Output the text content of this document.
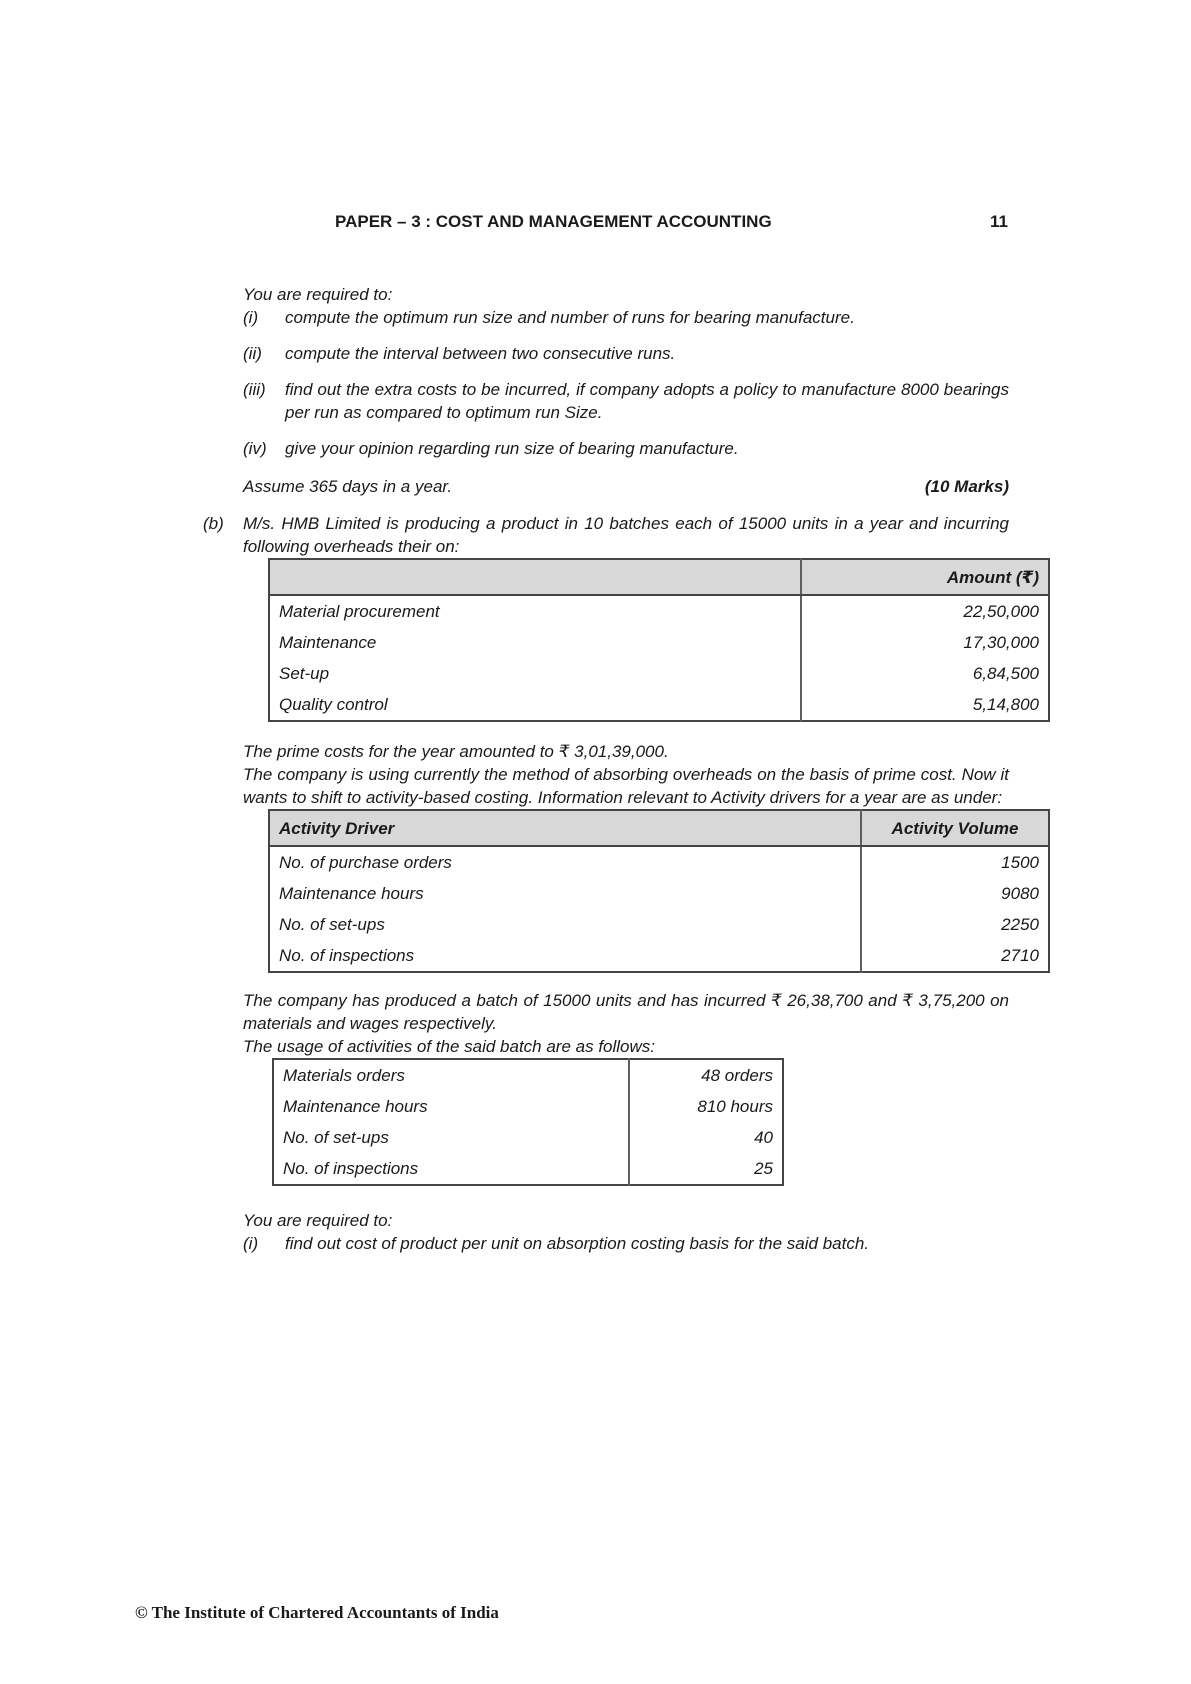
PAPER – 3 : COST AND MANAGEMENT ACCOUNTING	11

You are required to:

(i)	compute the optimum run size and number of runs for bearing manufacture.
(ii)	compute the interval between two consecutive runs.
(iii)	find out the extra costs to be incurred, if company adopts a policy to manufacture 8000 bearings per run as compared to optimum run Size.
(iv)	give your opinion regarding run size of bearing manufacture.
Assume 365 days in a year.	(10 Marks)
(b)	M/s. HMB Limited is producing a product in 10 batches each of 15000 units in a year and incurring following overheads their on:

	Amount (₹)
Material procurement	22,50,000
Maintenance	17,30,000
Set-up	6,84,500
Quality control	5,14,800

The prime costs for the year amounted to ₹ 3,01,39,000.

The company is using currently the method of absorbing overheads on the basis of prime cost. Now it wants to shift to activity-based costing. Information relevant to Activity drivers for a year are as under:

Activity Driver	Activity Volume
No. of purchase orders	1500
Maintenance hours	9080
No. of set-ups	2250
No. of inspections	2710

The company has produced a batch of 15000 units and has incurred ₹ 26,38,700 and ₹ 3,75,200 on materials and wages respectively.

The usage of activities of the said batch are as follows:

Materials orders	48 orders
Maintenance hours	810 hours
No. of set-ups	40
No. of inspections	25

You are required to:

(i)	find out cost of product per unit on absorption costing basis for the said batch.
© The Institute of Chartered Accountants of India
